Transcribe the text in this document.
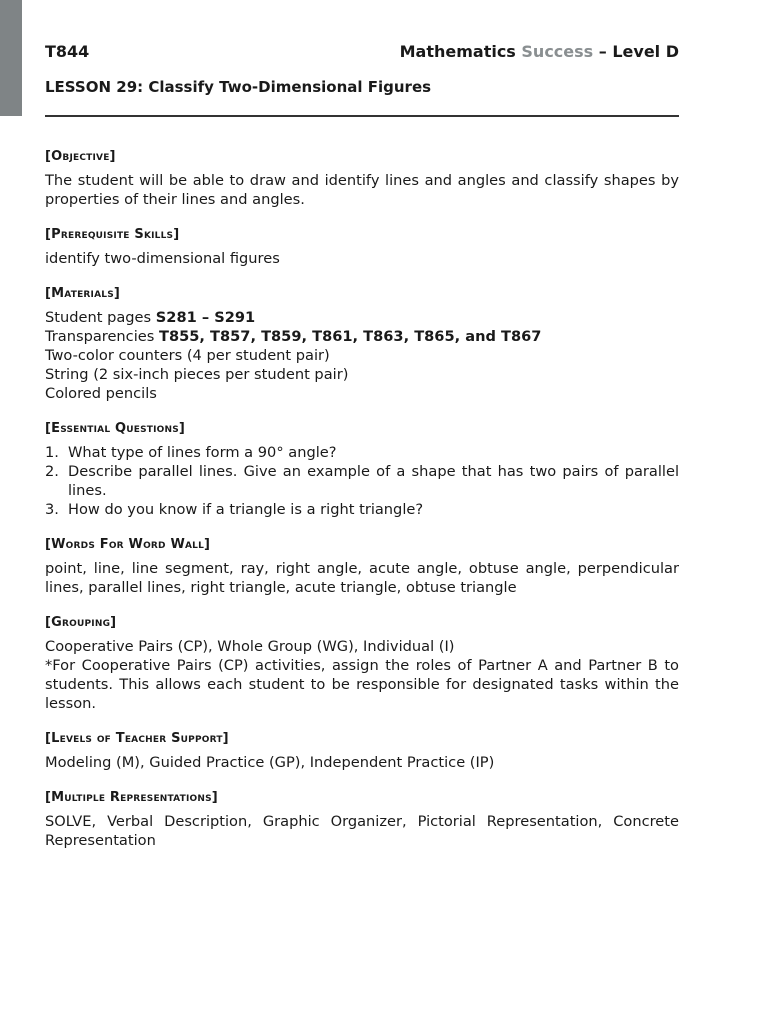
T844	Mathematics Success – Level D
LESSON 29: Classify Two-Dimensional Figures
[Objective]

The student will be able to draw and identify lines and angles and classify shapes by properties of their lines and angles.

[Prerequisite Skills]

identify two-dimensional figures

[Materials]
Student pages S281 – S291
Transparencies T855, T857, T859, T861, T863, T865, and T867
Two-color counters (4 per student pair)
String (2 six-inch pieces per student pair)
Colored pencils
[Essential Questions]
1. What type of lines form a 90° angle?
2. Describe parallel lines. Give an example of a shape that has two pairs of parallel lines.
3. How do you know if a triangle is a right triangle?
[Words For Word Wall]

point, line, line segment, ray, right angle, acute angle, obtuse angle, perpendicular lines, parallel lines, right triangle, acute triangle, obtuse triangle

[Grouping]

Cooperative Pairs (CP), Whole Group (WG), Individual (I)

*For Cooperative Pairs (CP) activities, assign the roles of Partner A and Partner B to students. This allows each student to be responsible for designated tasks within the lesson.

[Levels of Teacher Support]

Modeling (M), Guided Practice (GP), Independent Practice (IP)

[Multiple Representations]

SOLVE, Verbal Description, Graphic Organizer, Pictorial Representation, Concrete Representation
